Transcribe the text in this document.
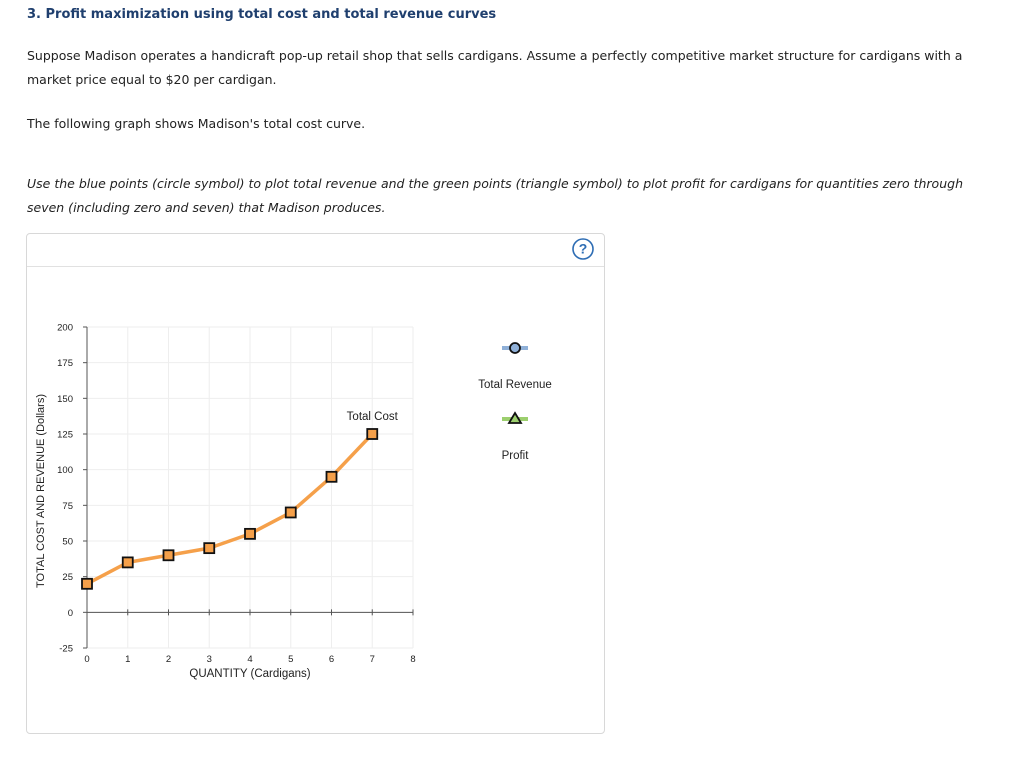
3. Profit maximization using total cost and total revenue curves
Suppose Madison operates a handicraft pop-up retail shop that sells cardigans. Assume a perfectly competitive market structure for cardigans with a market price equal to $20 per cardigan.
The following graph shows Madison's total cost curve.
Use the blue points (circle symbol) to plot total revenue and the green points (triangle symbol) to plot profit for cardigans for quantities zero through seven (including zero and seven) that Madison produces.
?
-25
0
25
50
75
100
125
150
175
200
0	1	2	3	4	5	6	7	8
TOTAL COST AND REVENUE (Dollars)
QUANTITY (Cardigans)
Total Cost
Total Revenue
Profit
